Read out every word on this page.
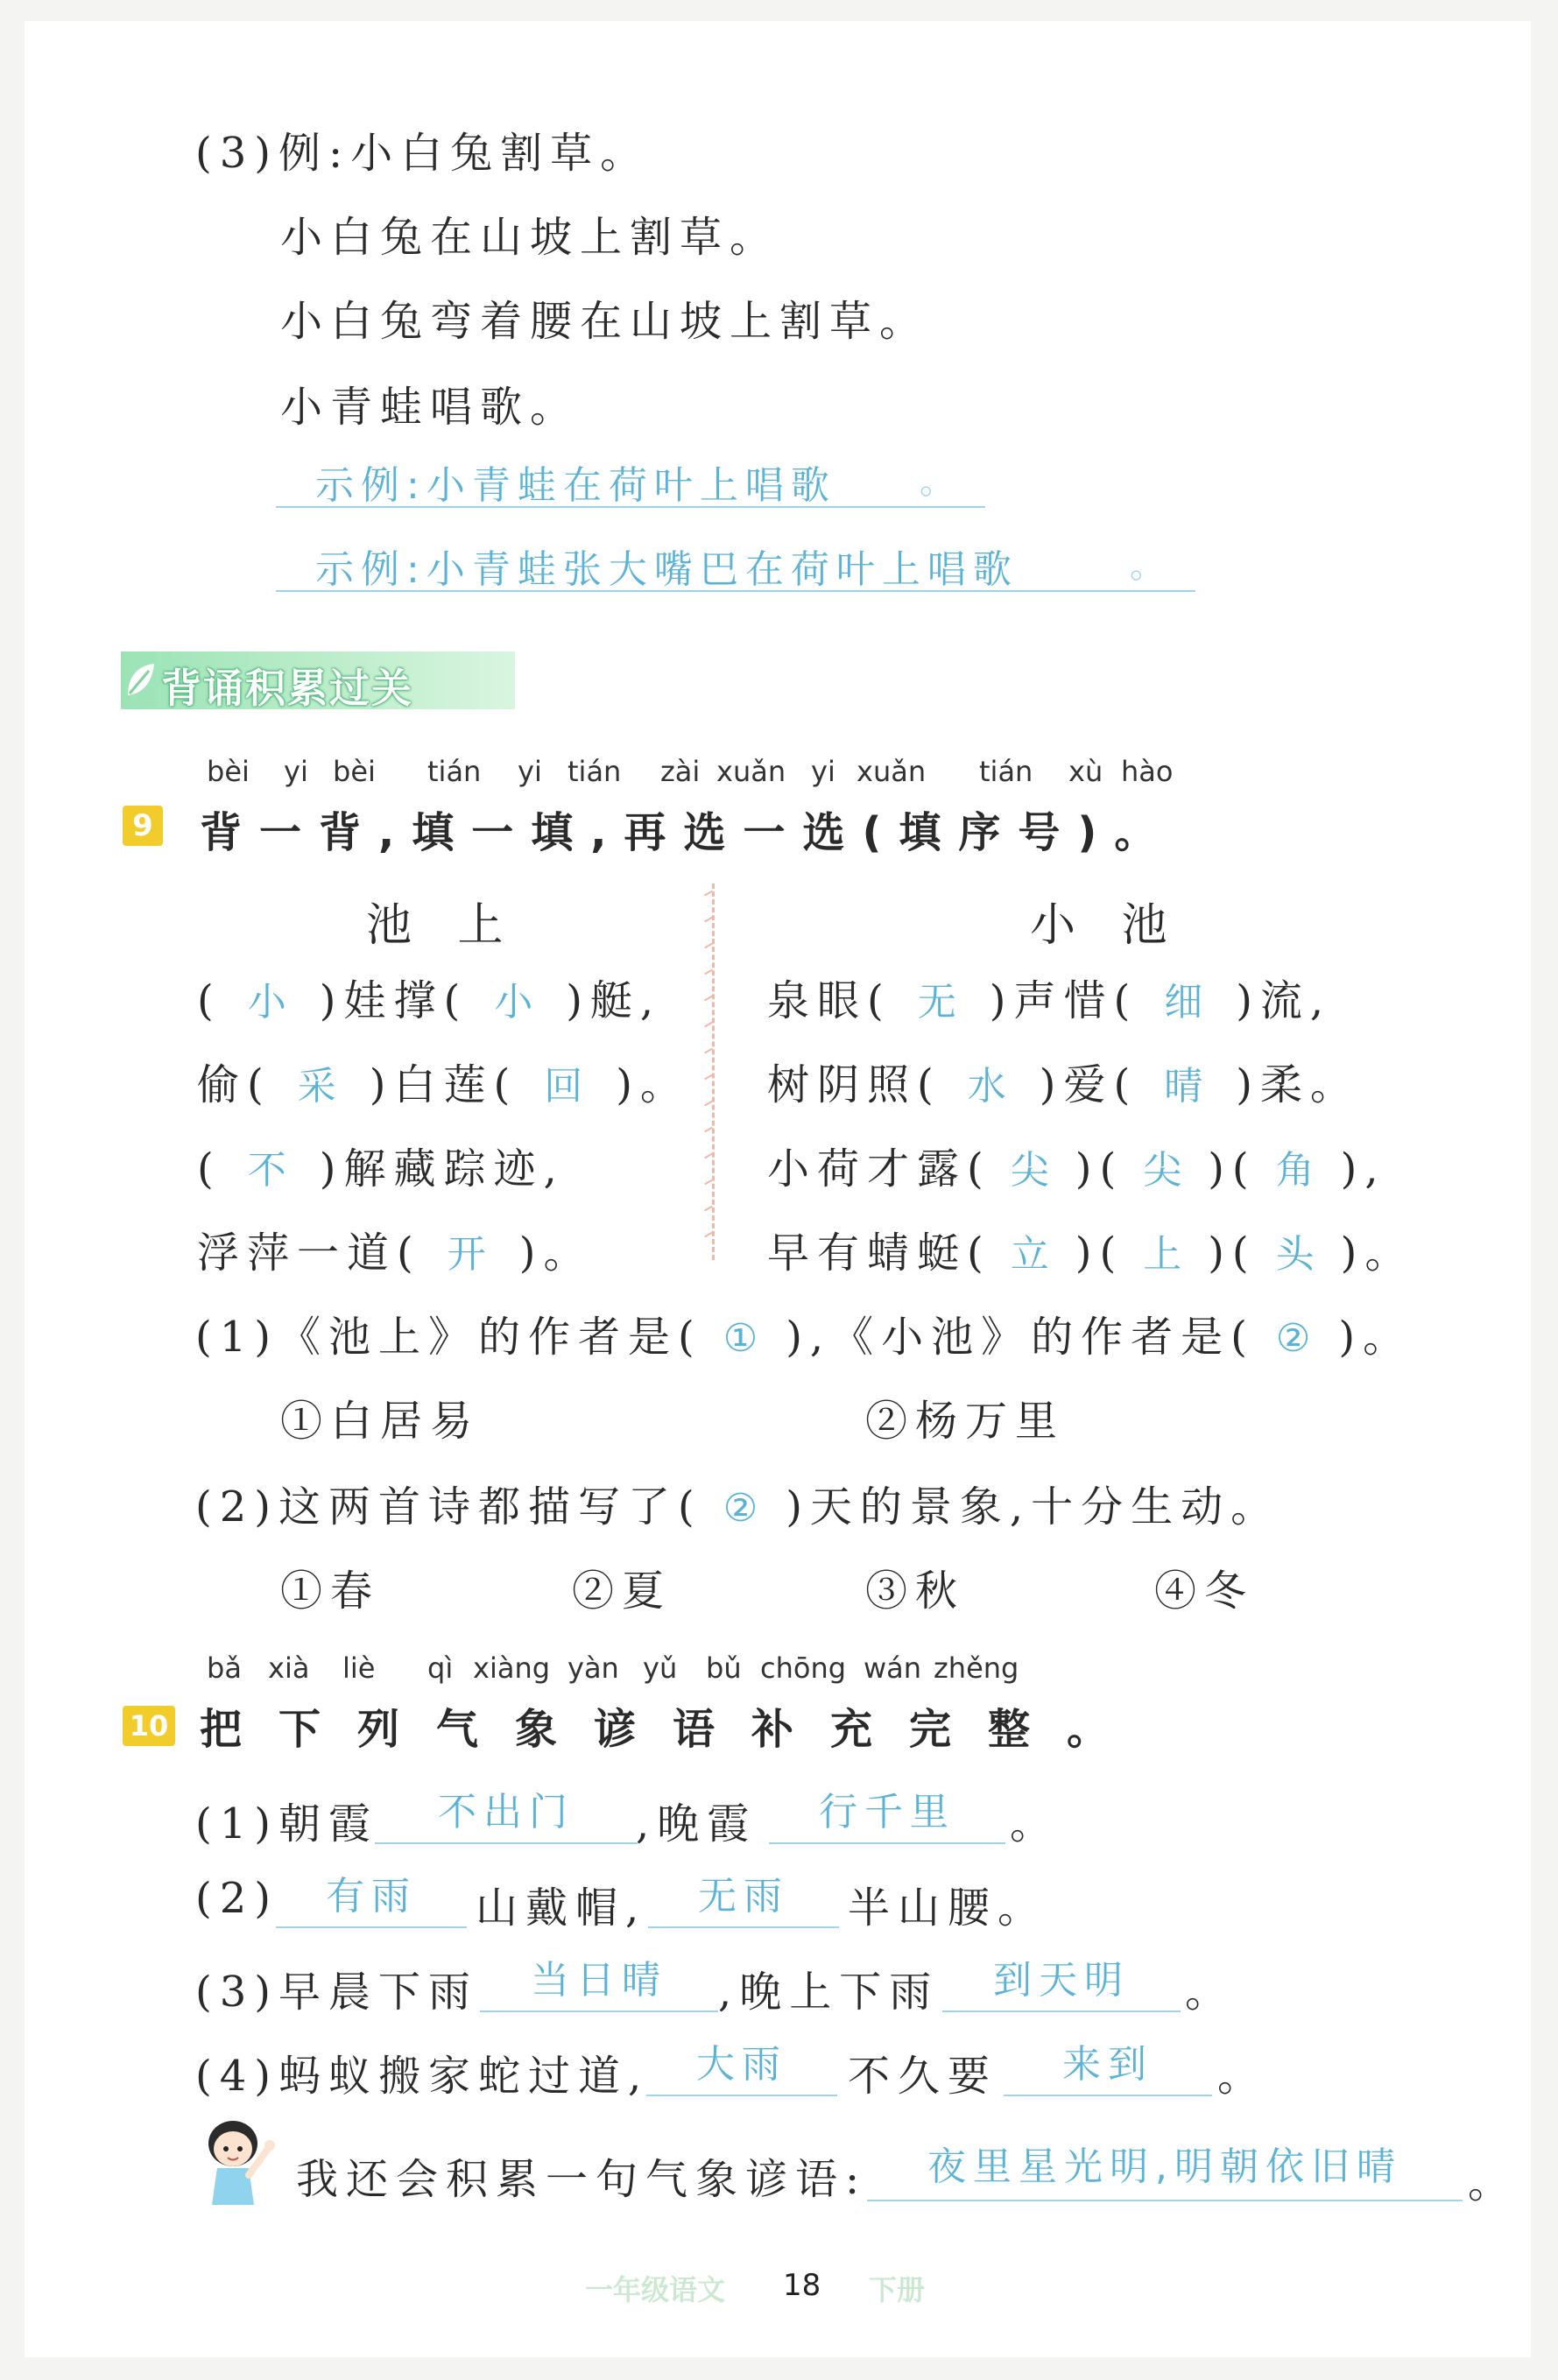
(3)例:小白兔割草。
小白兔在山坡上割草。
小白兔弯着腰在山坡上割草。
小青蛙唱歌。
示例:小青蛙在荷叶上唱歌 。
示例:小青蛙张大嘴巴在荷叶上唱歌	。
背诵积累过关
bèi yi bèi tián yi tián zài xuǎn yi xuǎn tián xù hào
9 背一背,填一填,再选一选(填序号)。
池 上	小 池
( 小 )娃撑( 小 )艇,
偷( 采 )白莲( 回 )。
( 不 )解藏踪迹,
浮萍一道( 开 )。
泉眼( 无 )声惜( 细 )流,
树阴照( 水 )爱( 晴 )柔。
小荷才露( 尖 )( 尖 )( 角 ),
早有蜻蜓( 立 )( 上 )( 头 )。
(1)《池上》的作者是( ① ),《小池》的作者是( ② )。
①白居易	②杨万里
(2)这两首诗都描写了( ② )天的景象,十分生动。
①春	②夏	③秋	④冬
bǎ xià liè qì xiàng yàn yǔ bǔ chōng wán zhěng
10 把下列气象谚语补充完整。
(1)朝霞	不出门	,晚霞	行千里	。
(2)	有雨	山戴帽,	无雨	半山腰。
(3)早晨下雨	当日晴	,晚上下雨	到天明	。
(4)蚂蚁搬家蛇过道,	大雨	不久要	来到	。
我还会积累一句气象谚语:	夜里星光明,明朝依旧晴	。
一年级语文 18 下册
